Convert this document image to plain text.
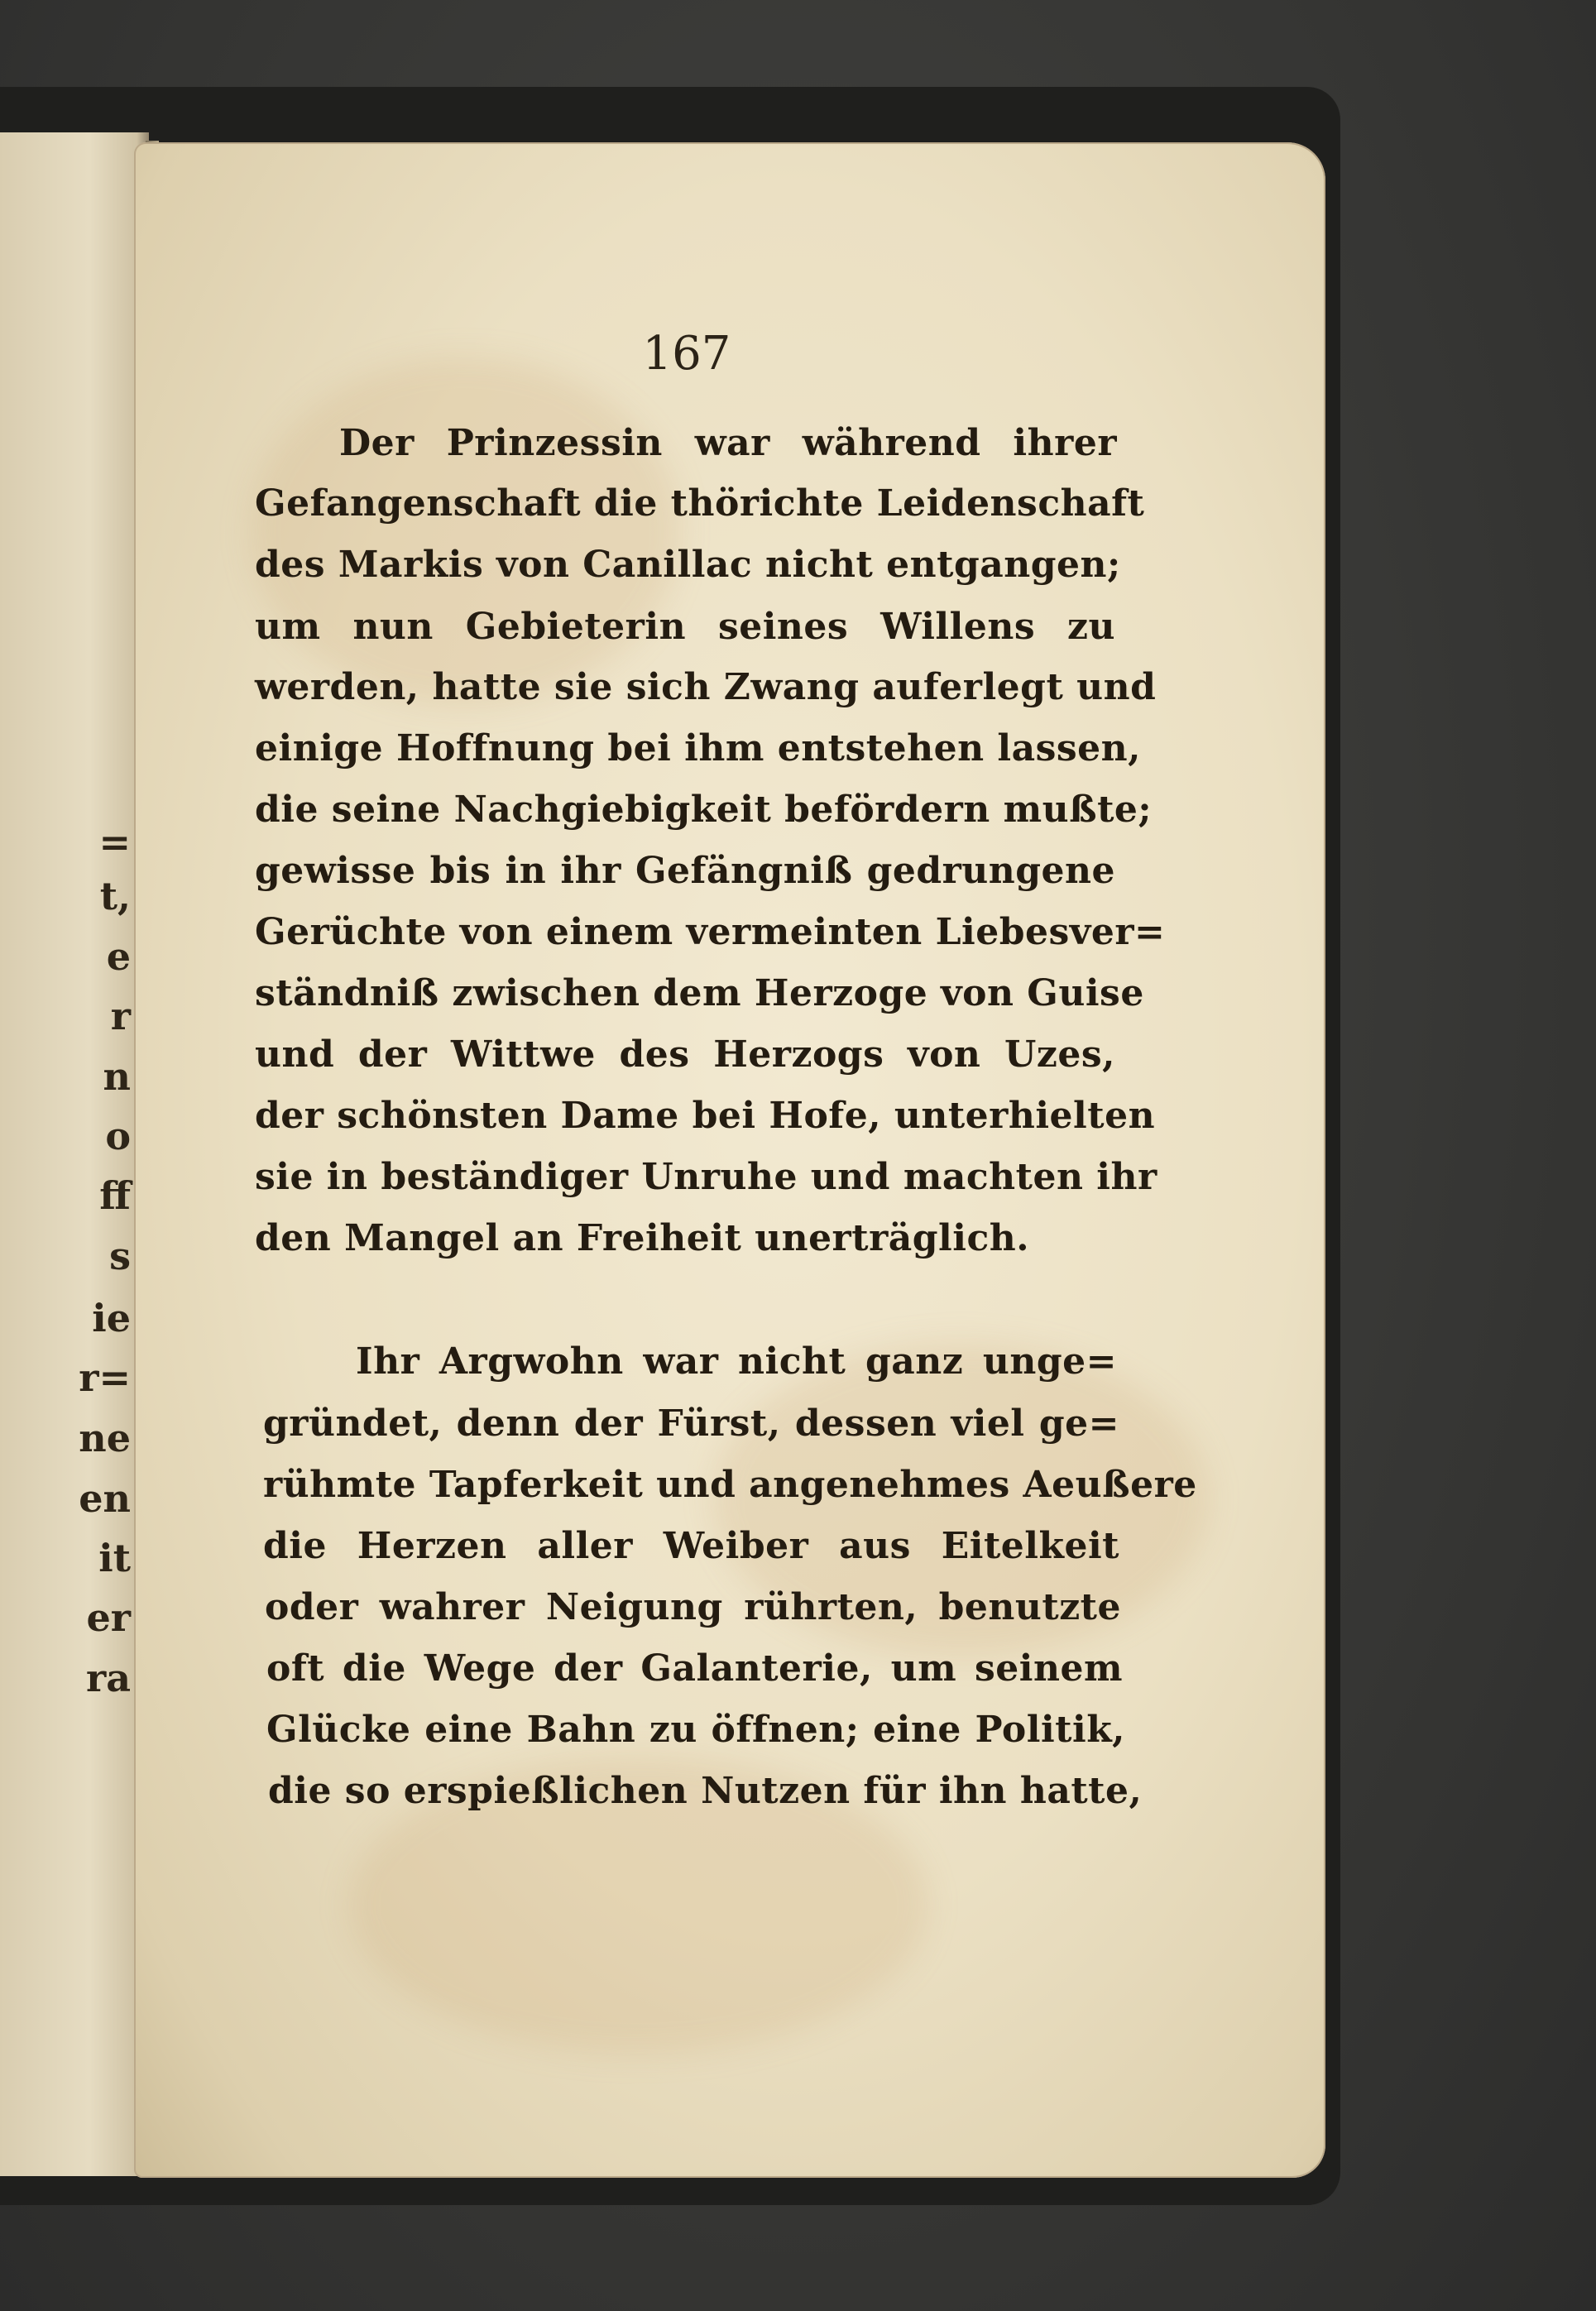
=
t,
e
r
n
o
ff
s
ie
r=
ne
en
it
er
ra
167
Der Prinzessin war während ihrer
Gefangenschaft die thörichte Leidenschaft
des Markis von Canillac nicht entgangen;
um nun Gebieterin seines Willens zu
werden, hatte sie sich Zwang auferlegt und
einige Hoffnung bei ihm entstehen lassen,
die seine Nachgiebigkeit befördern mußte;
gewisse bis in ihr Gefängniß gedrungene
Gerüchte von einem vermeinten Liebesver=
ständniß zwischen dem Herzoge von Guise
und der Wittwe des Herzogs von Uzes,
der schönsten Dame bei Hofe, unterhielten
sie in beständiger Unruhe und machten ihr
den Mangel an Freiheit unerträglich.
Ihr Argwohn war nicht ganz unge=
gründet, denn der Fürst, dessen viel ge=
rühmte Tapferkeit und angenehmes Aeußere
die Herzen aller Weiber aus Eitelkeit
oder wahrer Neigung rührten, benutzte
oft die Wege der Galanterie, um seinem
Glücke eine Bahn zu öffnen; eine Politik,
die so erspießlichen Nutzen für ihn hatte,
